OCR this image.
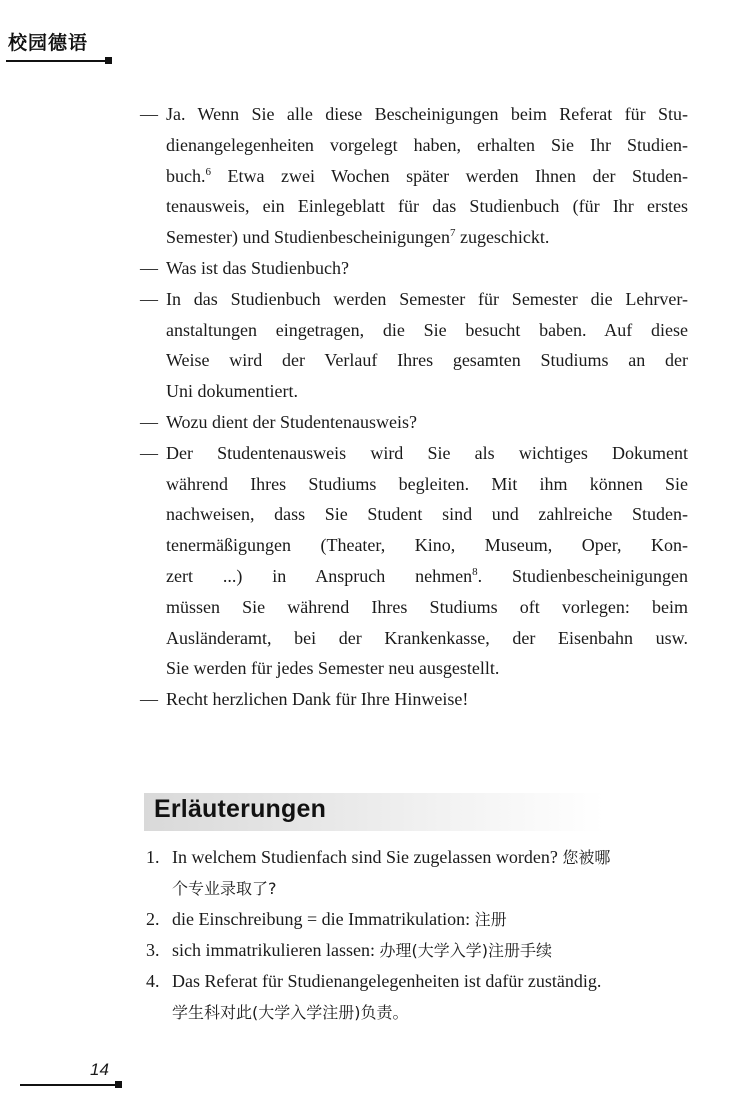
校园德语
— Ja. Wenn Sie alle diese Bescheinigungen beim Referat für Stu-
dienangelegenheiten vorgelegt haben, erhalten Sie Ihr Studien-
buch.$^6$ Etwa zwei Wochen später werden Ihnen der Studen-
tenausweis, ein Einlegeblatt für das Studienbuch (für Ihr erstes
Semester) und Studienbescheinigungen$^7$ zugeschickt.
— Was ist das Studienbuch?
— In das Studienbuch werden Semester für Semester die Lehrver-
anstaltungen eingetragen, die Sie besucht baben. Auf diese
Weise wird der Verlauf Ihres gesamten Studiums an der
Uni dokumentiert.
— Wozu dient der Studentenausweis?
— Der Studentenausweis wird Sie als wichtiges Dokument
während Ihres Studiums begleiten. Mit ihm können Sie
nachweisen, dass Sie Student sind und zahlreiche Studen-
tenermäßigungen (Theater, Kino, Museum, Oper, Kon-
zert ...) in Anspruch nehmen$^8$. Studienbescheinigungen
müssen Sie während Ihres Studiums oft vorlegen: beim
Ausländeramt, bei der Krankenkasse, der Eisenbahn usw.
Sie werden für jedes Semester neu ausgestellt.
— Recht herzlichen Dank für Ihre Hinweise!
Erläuterungen
1. In welchem Studienfach sind Sie zugelassen worden? 您被哪
个专业录取了?
2. die Einschreibung = die Immatrikulation: 注册
3. sich immatrikulieren lassen: 办理(大学入学)注册手续
4. Das Referat für Studienangelegenheiten ist dafür zuständig.
学生科对此(大学入学注册)负责。
14
